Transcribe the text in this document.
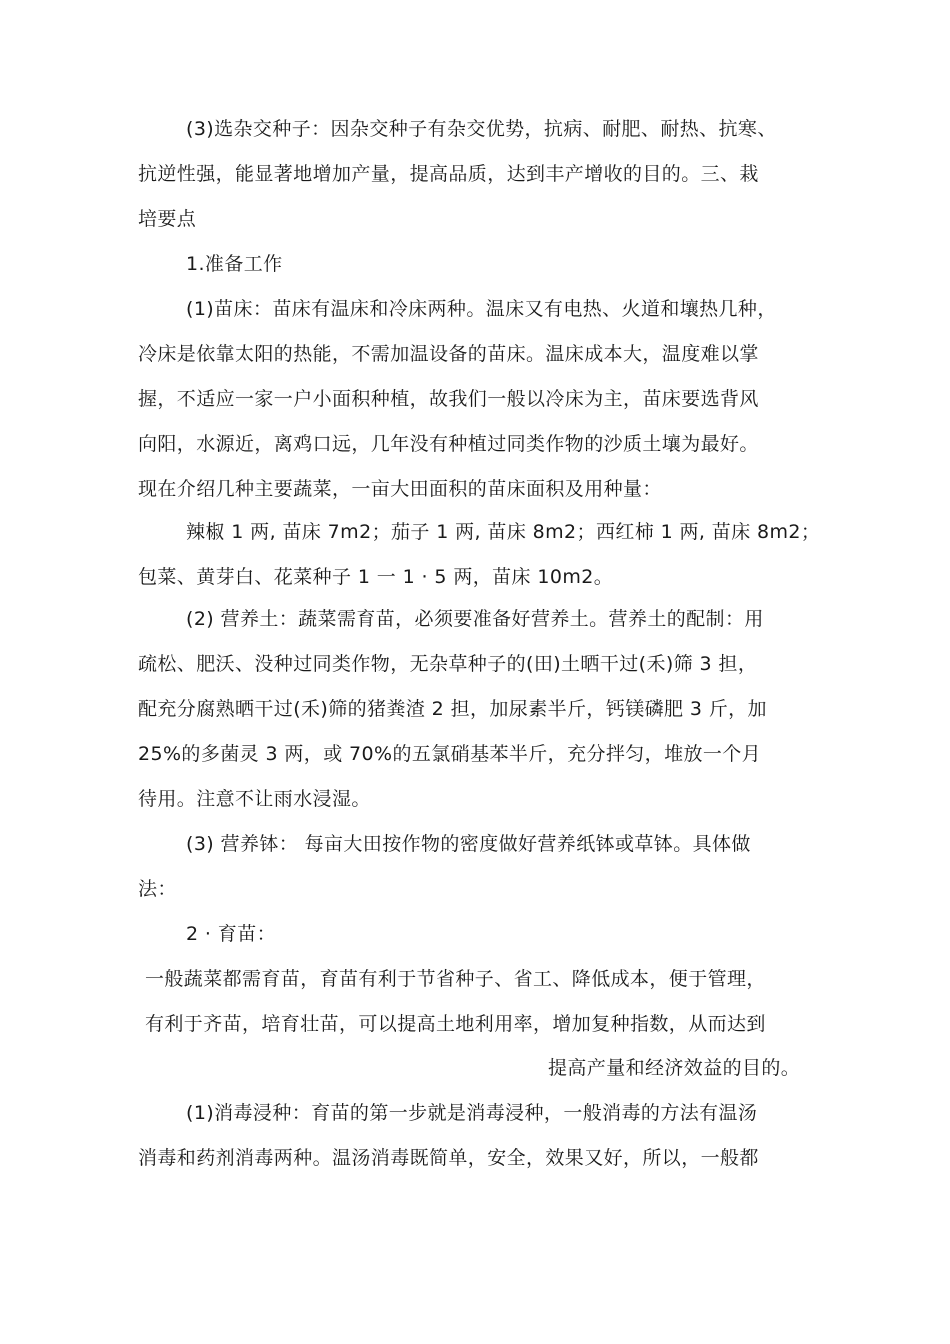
(3)选杂交种子：因杂交种子有杂交优势，抗病、耐肥、耐热、抗寒、
抗逆性强，能显著地增加产量，提高品质，达到丰产增收的目的。三、栽
培要点
1.准备工作
(1)苗床：苗床有温床和冷床两种。温床又有电热、火道和壤热几种，
冷床是依靠太阳的热能，不需加温设备的苗床。温床成本大，温度难以掌
握，不适应一家一户小面积种植，故我们一般以冷床为主，苗床要选背风
向阳，水源近，离鸡口远，几年没有种植过同类作物的沙质土壤为最好。
现在介绍几种主要蔬菜，一亩大田面积的苗床面积及用种量：
辣椒 1 两, 苗床 7m2；茄子 1 两, 苗床 8m2；西红柿 1 两, 苗床 8m2；
包菜、黄芽白、花菜种子 1 一 1 · 5 两，苗床 10m2。
(2) 营养土：蔬菜需育苗，必须要准备好营养土。营养土的配制：用
疏松、肥沃、没种过同类作物，无杂草种子的(田)土晒干过(禾)筛 3 担，
配充分腐熟晒干过(禾)筛的猪粪渣 2 担，加尿素半斤，钙镁磷肥 3 斤，加
25%的多菌灵 3 两，或 70%的五氯硝基苯半斤，充分拌匀，堆放一个月
待用。注意不让雨水浸湿。
(3) 营养钵： 每亩大田按作物的密度做好营养纸钵或草钵。具体做
法：
2 · 育苗：
一般蔬菜都需育苗，育苗有利于节省种子、省工、降低成本，便于管理，
有利于齐苗，培育壮苗，可以提高土地利用率，增加复种指数，从而达到
提高产量和经济效益的目的。
(1)消毒浸种：育苗的第一步就是消毒浸种，一般消毒的方法有温汤
消毒和药剂消毒两种。温汤消毒既简单，安全，效果又好，所以，一般都
